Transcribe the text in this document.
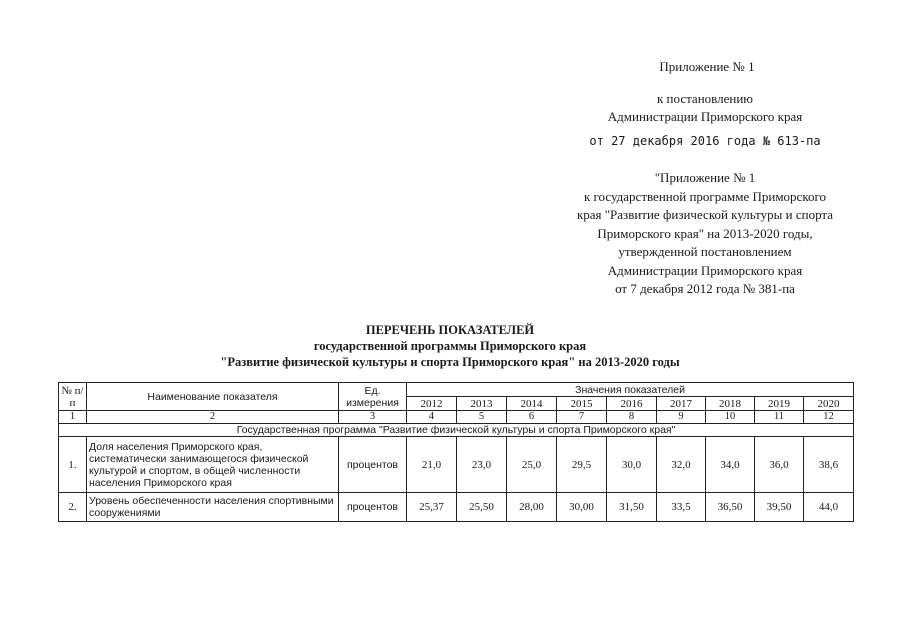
Приложение № 1
к постановлению
Администрации Приморского края
от 27 декабря 2016 года № 613-па
"Приложение № 1
к государственной программе Приморского
края "Развитие физической культуры и спорта
Приморского края" на 2013-2020 годы,
утвержденной постановлением
Администрации Приморского края
от 7 декабря 2012 года № 381-па
ПЕРЕЧЕНЬ ПОКАЗАТЕЛЕЙ
государственной программы Приморского края
"Развитие физической культуры и спорта Приморского края" на 2013-2020 годы
№ п/п	Наименование показателя	Ед. измерения	Значения показателей								
			2012	2013	2014	2015	2016	2017	2018	2019	2020
1	2	3	4	5	6	7	8	9	10	11	12
Государственная программа "Развитие физической культуры и спорта Приморского края"											
1.	Доля населения Приморского края, систематически занимающегося физической культурой и спортом, в общей численности населения Приморского края	процентов	21,0	23,0	25,0	29,5	30,0	32,0	34,0	36,0	38,6
2.	Уровень обеспеченности населения спортивными сооружениями	процентов	25,37	25,50	28,00	30,00	31,50	33,5	36,50	39,50	44,0
